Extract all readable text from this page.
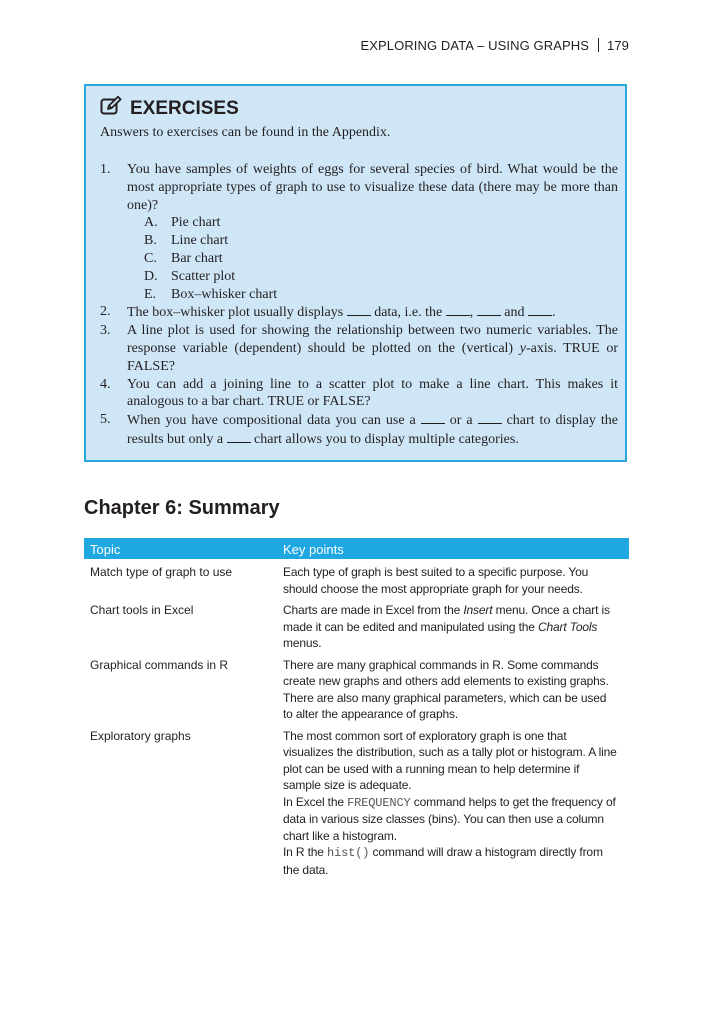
EXPLORING DATA – USING GRAPHS 179
EXERCISES
Answers to exercises can be found in the Appendix.
1. You have samples of weights of eggs for several species of bird. What would be the most appropriate types of graph to use to visualize these data (there may be more than one)?
A. Pie chart
B. Line chart
C. Bar chart
D. Scatter plot
E. Box–whisker chart
2. The box–whisker plot usually displays  data, i.e. the ,  and .
3. A line plot is used for showing the relationship between two numeric variables. The response variable (dependent) should be plotted on the (vertical) y-axis. TRUE or FALSE?
4. You can add a joining line to a scatter plot to make a line chart. This makes it analogous to a bar chart. TRUE or FALSE?
5. When you have compositional data you can use a  or a  chart to display the results but only a  chart allows you to display multiple categories.
Chapter 6: Summary
Topic	Key points
Match type of graph to use	Each type of graph is best suited to a specific purpose. You should choose the most appropriate graph for your needs.
Chart tools in Excel	Charts are made in Excel from the Insert menu. Once a chart is made it can be edited and manipulated using the Chart Tools menus.
Graphical commands in R	There are many graphical commands in R. Some commands create new graphs and others add elements to existing graphs. There are also many graphical parameters, which can be used to alter the appearance of graphs.
Exploratory graphs	The most common sort of exploratory graph is one that visualizes the distribution, such as a tally plot or histogram. A line plot can be used with a running mean to help determine if sample size is adequate.
In Excel the FREQUENCY command helps to get the frequency of data in various size classes (bins). You can then use a column chart like a histogram.
In R the hist() command will draw a histogram directly from the data.
